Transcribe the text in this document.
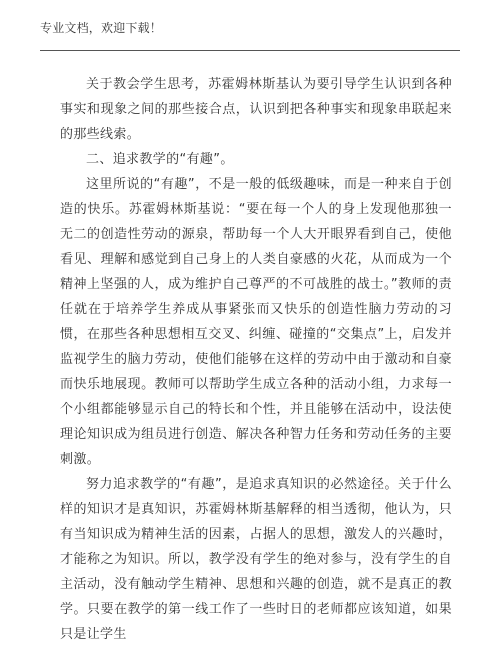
专业文档，欢迎下载！

关于教会学生思考，苏霍姆林斯基认为要引导学生认识到各种事实和现象之间的那些接合点，认识到把各种事实和现象串联起来的那些线索。

二、追求教学的“有趣”。

这里所说的“有趣”，不是一般的低级趣味，而是一种来自于创造的快乐。苏霍姆林斯基说：“要在每一个人的身上发现他那独一无二的创造性劳动的源泉，帮助每一个人大开眼界看到自己，使他看见、理解和感觉到自己身上的人类自豪感的火花，从而成为一个精神上坚强的人，成为维护自己尊严的不可战胜的战士。”教师的责任就在于培养学生养成从事紧张而又快乐的创造性脑力劳动的习惯，在那些各种思想相互交叉、纠缠、碰撞的“交集点”上，启发并监视学生的脑力劳动，使他们能够在这样的劳动中由于激动和自豪而快乐地展现。教师可以帮助学生成立各种的活动小组，力求每一个小组都能够显示自己的特长和个性，并且能够在活动中，设法使理论知识成为组员进行创造、解决各种智力任务和劳动任务的主要刺激。

努力追求教学的“有趣”，是追求真知识的必然途径。关于什么样的知识才是真知识，苏霍姆林斯基解释的相当透彻，他认为，只有当知识成为精神生活的因素，占据人的思想，激发人的兴趣时，才能称之为知识。所以，教学没有学生的绝对参与，没有学生的自主活动，没有触动学生精神、思想和兴趣的创造，就不是真正的教学。只要在教学的第一线工作了一些时日的老师都应该知道，如果只是让学生
